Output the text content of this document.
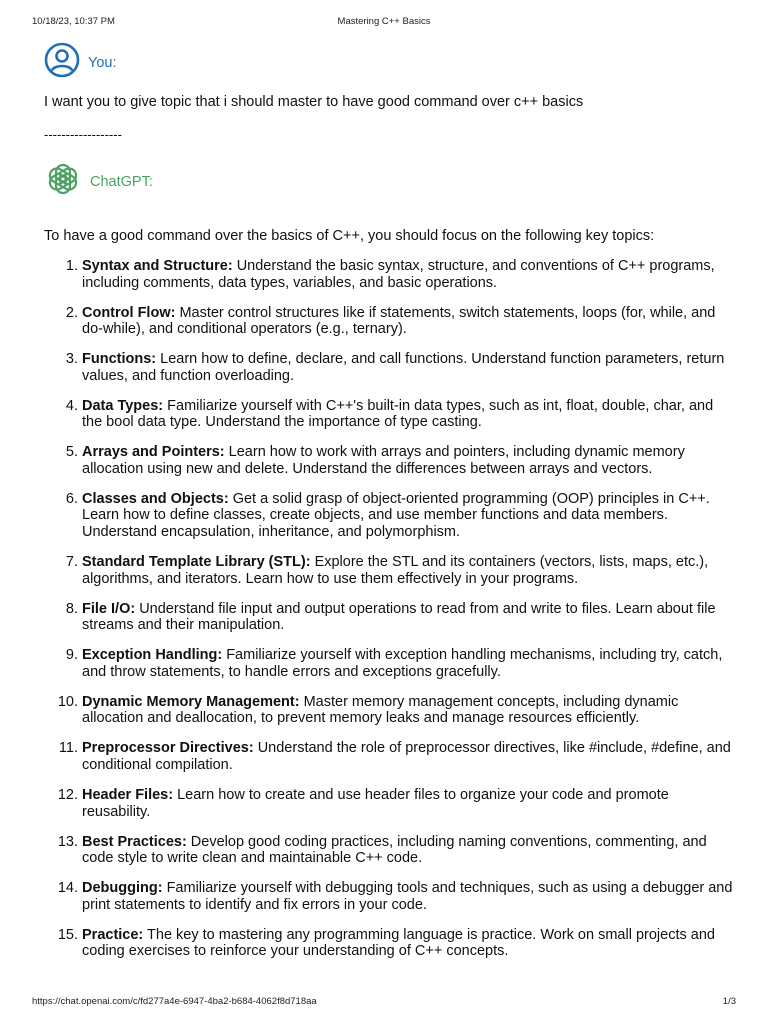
10/18/23, 10:37 PM	Mastering C++ Basics
You:
I want you to give topic that i should master to have good command over c++ basics
------------------
ChatGPT:
To have a good command over the basics of C++, you should focus on the following key topics:
1. Syntax and Structure: Understand the basic syntax, structure, and conventions of C++ programs, including comments, data types, variables, and basic operations.
2. Control Flow: Master control structures like if statements, switch statements, loops (for, while, and do-while), and conditional operators (e.g., ternary).
3. Functions: Learn how to define, declare, and call functions. Understand function parameters, return values, and function overloading.
4. Data Types: Familiarize yourself with C++'s built-in data types, such as int, float, double, char, and the bool data type. Understand the importance of type casting.
5. Arrays and Pointers: Learn how to work with arrays and pointers, including dynamic memory allocation using new and delete. Understand the differences between arrays and vectors.
6. Classes and Objects: Get a solid grasp of object-oriented programming (OOP) principles in C++. Learn how to define classes, create objects, and use member functions and data members. Understand encapsulation, inheritance, and polymorphism.
7. Standard Template Library (STL): Explore the STL and its containers (vectors, lists, maps, etc.), algorithms, and iterators. Learn how to use them effectively in your programs.
8. File I/O: Understand file input and output operations to read from and write to files. Learn about file streams and their manipulation.
9. Exception Handling: Familiarize yourself with exception handling mechanisms, including try, catch, and throw statements, to handle errors and exceptions gracefully.
10. Dynamic Memory Management: Master memory management concepts, including dynamic allocation and deallocation, to prevent memory leaks and manage resources efficiently.
11. Preprocessor Directives: Understand the role of preprocessor directives, like #include, #define, and conditional compilation.
12. Header Files: Learn how to create and use header files to organize your code and promote reusability.
13. Best Practices: Develop good coding practices, including naming conventions, commenting, and code style to write clean and maintainable C++ code.
14. Debugging: Familiarize yourself with debugging tools and techniques, such as using a debugger and print statements to identify and fix errors in your code.
15. Practice: The key to mastering any programming language is practice. Work on small projects and coding exercises to reinforce your understanding of C++ concepts.
https://chat.openai.com/c/fd277a4e-6947-4ba2-b684-4062f8d718aa	1/3
